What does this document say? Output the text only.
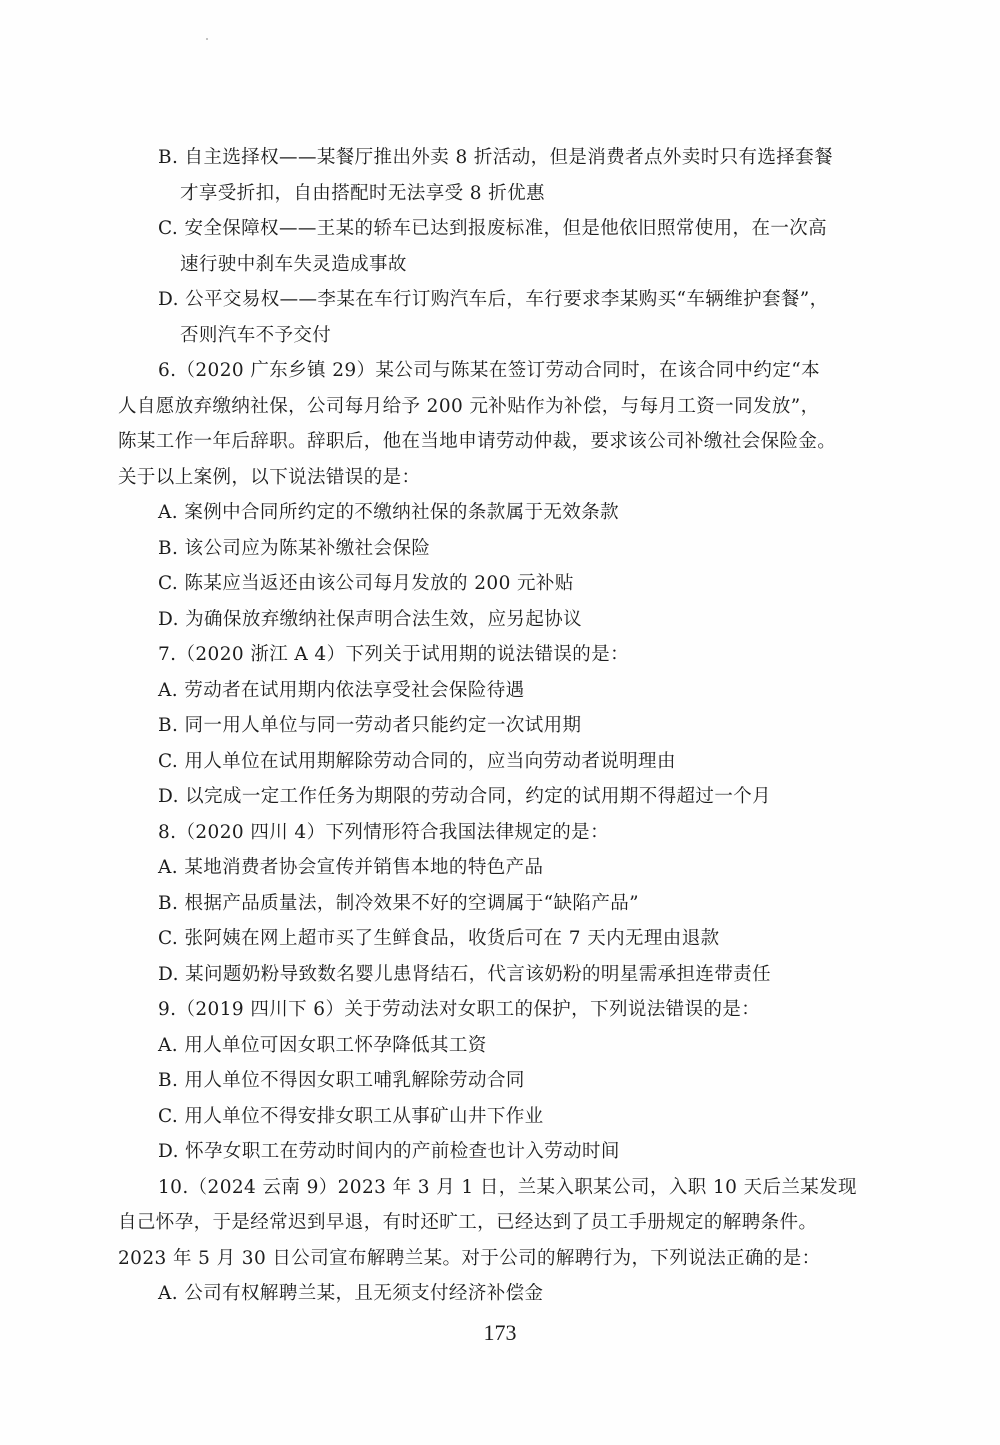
B. 自主选择权——某餐厅推出外卖 8 折活动，但是消费者点外卖时只有选择套餐
才享受折扣，自由搭配时无法享受 8 折优惠
C. 安全保障权——王某的轿车已达到报废标准，但是他依旧照常使用，在一次高
速行驶中刹车失灵造成事故
D. 公平交易权——李某在车行订购汽车后，车行要求李某购买“车辆维护套餐”，
否则汽车不予交付
6.（2020 广东乡镇 29）某公司与陈某在签订劳动合同时，在该合同中约定“本
人自愿放弃缴纳社保，公司每月给予 200 元补贴作为补偿，与每月工资一同发放”，
陈某工作一年后辞职。辞职后，他在当地申请劳动仲裁，要求该公司补缴社会保险金。
关于以上案例，以下说法错误的是：
A. 案例中合同所约定的不缴纳社保的条款属于无效条款
B. 该公司应为陈某补缴社会保险
C. 陈某应当返还由该公司每月发放的 200 元补贴
D. 为确保放弃缴纳社保声明合法生效，应另起协议
7.（2020 浙江 A 4）下列关于试用期的说法错误的是：
A. 劳动者在试用期内依法享受社会保险待遇
B. 同一用人单位与同一劳动者只能约定一次试用期
C. 用人单位在试用期解除劳动合同的，应当向劳动者说明理由
D. 以完成一定工作任务为期限的劳动合同，约定的试用期不得超过一个月
8.（2020 四川 4）下列情形符合我国法律规定的是：
A. 某地消费者协会宣传并销售本地的特色产品
B. 根据产品质量法，制冷效果不好的空调属于“缺陷产品”
C. 张阿姨在网上超市买了生鲜食品，收货后可在 7 天内无理由退款
D. 某问题奶粉导致数名婴儿患肾结石，代言该奶粉的明星需承担连带责任
9.（2019 四川下 6）关于劳动法对女职工的保护，下列说法错误的是：
A. 用人单位可因女职工怀孕降低其工资
B. 用人单位不得因女职工哺乳解除劳动合同
C. 用人单位不得安排女职工从事矿山井下作业
D. 怀孕女职工在劳动时间内的产前检查也计入劳动时间
10.（2024 云南 9）2023 年 3 月 1 日，兰某入职某公司，入职 10 天后兰某发现
自己怀孕，于是经常迟到早退，有时还旷工，已经达到了员工手册规定的解聘条件。
2023 年 5 月 30 日公司宣布解聘兰某。对于公司的解聘行为，下列说法正确的是：
A. 公司有权解聘兰某，且无须支付经济补偿金
173
